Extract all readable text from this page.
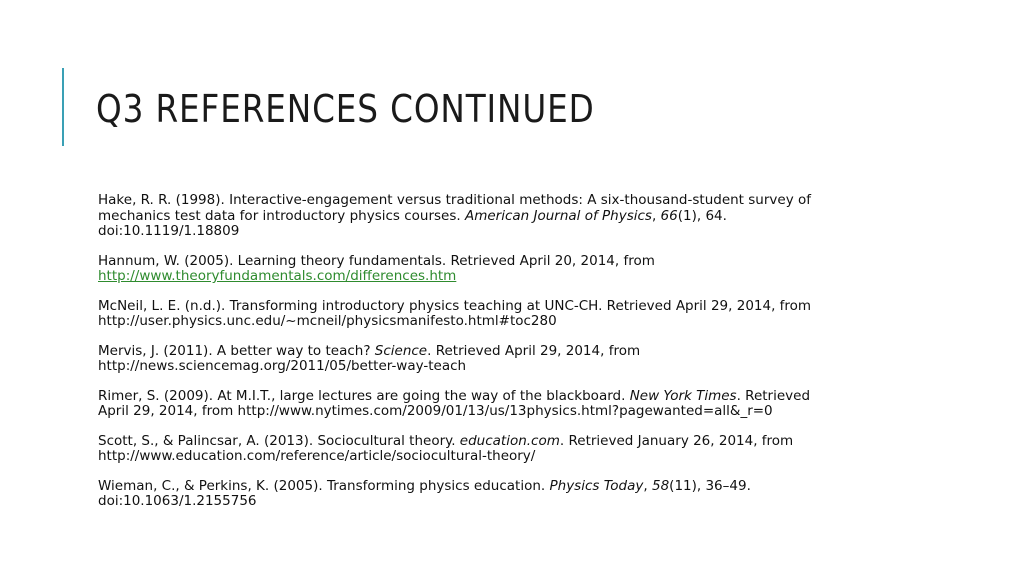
Q3 REFERENCES CONTINUED

Hake, R. R. (1998). Interactive-engagement versus traditional methods: A six-thousand-student survey of
mechanics test data for introductory physics courses. American Journal of Physics, 66(1), 64.
doi:10.1119/1.18809

Hannum, W. (2005). Learning theory fundamentals. Retrieved April 20, 2014, from
http://www.theoryfundamentals.com/differences.htm

McNeil, L. E. (n.d.). Transforming introductory physics teaching at UNC-CH. Retrieved April 29, 2014, from
http://user.physics.unc.edu/~mcneil/physicsmanifesto.html#toc280

Mervis, J. (2011). A better way to teach? Science. Retrieved April 29, 2014, from
http://news.sciencemag.org/2011/05/better-way-teach

Rimer, S. (2009). At M.I.T., large lectures are going the way of the blackboard. New York Times. Retrieved
April 29, 2014, from http://www.nytimes.com/2009/01/13/us/13physics.html?pagewanted=all&_r=0

Scott, S., & Palincsar, A. (2013). Sociocultural theory. education.com. Retrieved January 26, 2014, from
http://www.education.com/reference/article/sociocultural-theory/

Wieman, C., & Perkins, K. (2005). Transforming physics education. Physics Today, 58(11), 36–49.
doi:10.1063/1.2155756
